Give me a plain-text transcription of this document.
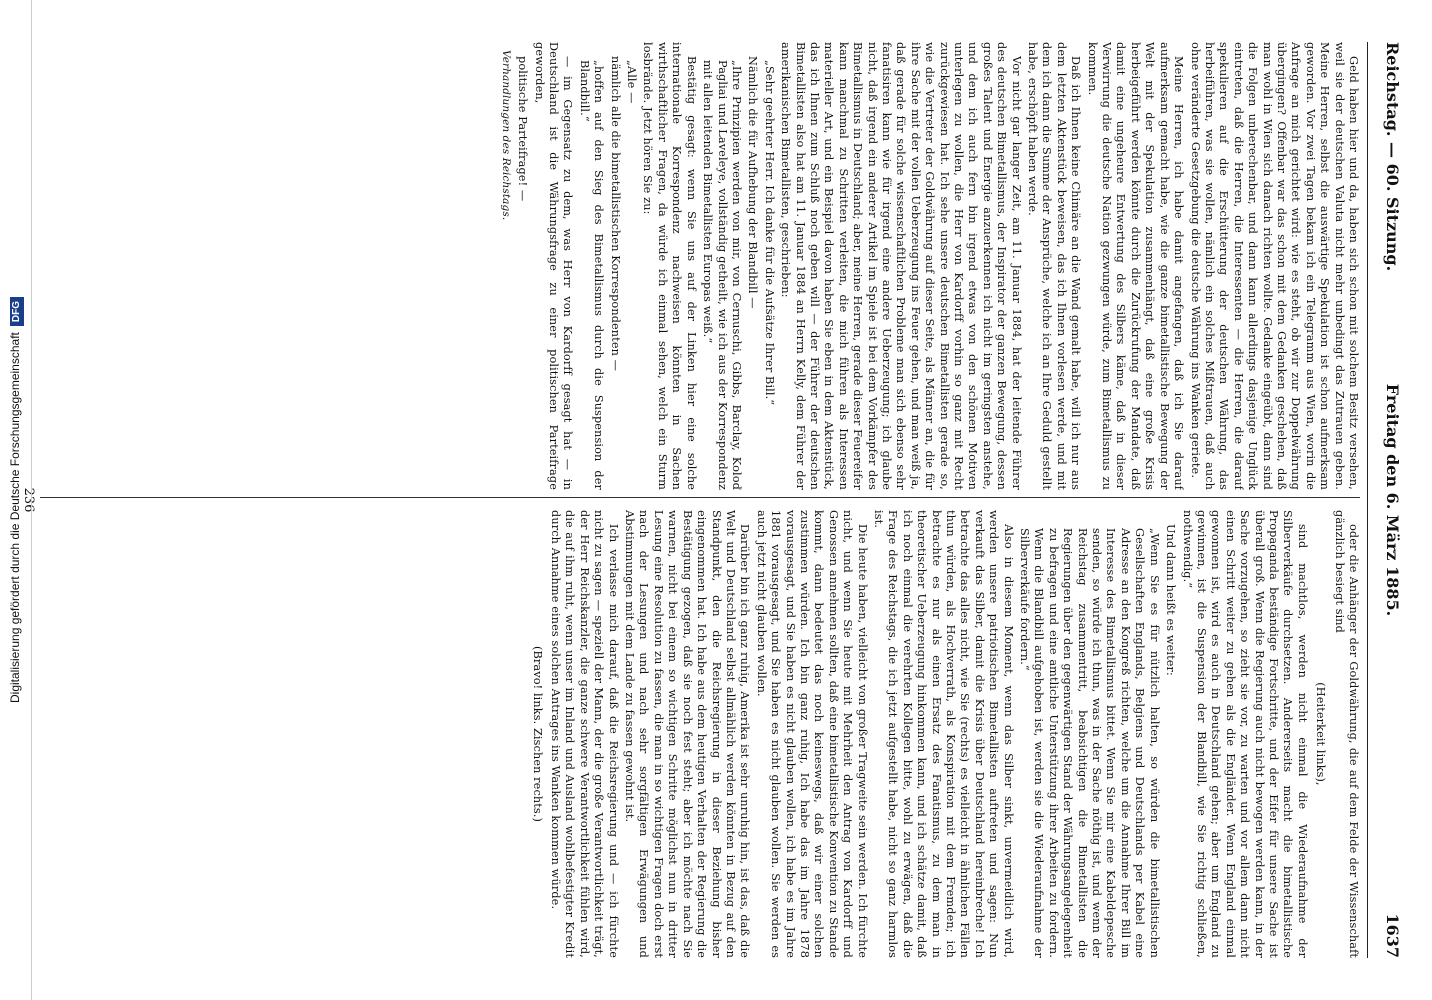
Reichstag. — 60. Sitzung.
Freitag den 6. März 1885.
1637

Geld haben hier und da, haben sich schon mit solchem Besitz versehen, weil sie der deutschen Valuta nicht mehr unbedingt das Zutrauen geben. Meine Herren, selbst die auswärtige Spekulation ist schon aufmerksam geworden. Vor zwei Tagen bekam ich ein Telegramm aus Wien, worin die Anfrage an mich gerichtet wird: wie es steht, ob wir zur Doppelwährung übergingen? Offenbar war das schon mit dem Gedanken geschehen, daß man wohl in Wien sich danach richten wollte. Gedanke eingeübt, dann sind die Folgen unberechenbar, und dann kann allerdings dasjenige Unglück eintreten, daß die Herren, die Interessenten — die Herren, die darauf spekulieren auf die Erschütterung der deutschen Währung, das herbeiführen, was sie wollen, nämlich ein solches Mißtrauen, daß auch ohne veränderte Gesetzgebung die deutsche Währung ins Wanken geriete.

Meine Herren, ich habe damit angefangen, daß ich Sie darauf aufmerksam gemacht habe, wie die ganze bimetallistische Bewegung der Welt mit der Spekulation zusammenhängt, daß eine große Krisis herbeigeführt werden könnte durch die Zurückrufung der Mandate, daß damit eine ungeheure Entwertung des Silbers käme, daß in dieser Verwirrung die deutsche Nation gezwungen würde, zum Bimetallismus zu kommen.

Daß ich Ihnen keine Chimäre an die Wand gemalt habe, will ich nur aus dem letzten Aktenstück beweisen, das ich Ihnen vorlesen werde, und mit dem ich dann die Summe der Ansprüche, welche ich an Ihre Geduld gestellt habe, erschöpft haben werde.

Vor nicht gar langer Zeit, am 11. Januar 1884, hat der leitende Führer des deutschen Bimetallismus, der Inspirator der ganzen Bewegung, dessen großes Talent und Energie anzuerkennen ich nicht im geringsten anstehe, und dem ich auch fern bin irgend etwas von den schönen Motiven unterlegen zu wollen, die Herr von Kardorff vorhin so ganz mit Recht zurückgewiesen hat. Ich sehe unsere deutschen Bimetallisten gerade so, wie die Vertreter der Goldwährung auf dieser Seite, als Männer an, die für ihre Sache mit der vollen Ueberzeugung ins Feuer gehen, und man weiß ja, daß gerade für solche wissenschaftlichen Probleme man sich ebenso sehr fanatisiren kann wie für irgend eine andere Ueberzeugung; ich glaube nicht, daß irgend ein anderer Artikel im Spiele ist bei dem Vorkämpfer des Bimetallismus in Deutschland; aber, meine Herren, gerade dieser Feuereifer kann manchmal zu Schritten verleiten, die mich führen als Interessen materieller Art, und ein Beispiel davon haben Sie eben in dem Aktenstück, das ich Ihnen zum Schluß noch geben will — der Führer der deutschen Bimetallisten also hat am 11. Januar 1884 an Herrn Kelly, dem Führer der amerikanischen Bimetallisten, geschrieben:

„Sehr geehrter Herr. Ich danke für die Aufsätze Ihrer Bill.“

Nämlich die für Aufhebung der Blandbill —

„Ihre Prinzipien werden von mir, von Cernuschi, Gibbs, Barclay, Koloď Pagliai und Laveleye, vollständig getheilt, wie ich aus der Korrespondenz mit allen leitenden Bimetallisten Europas weiß.“

Bestätig gesagt: wenn Sie uns auf der Linken hier eine solche internationale Korrespondenz nachweisen könnten in Sachen wirthschaftlicher Fragen, da würde ich einmal sehen, welch ein Sturm losbrände. Jetzt hören Sie zu:

„Alle —

nämlich alle die bimetallistischen Korrespondenten —

„hoffen auf den Sieg des Bimetallismus durch die Suspension der Blandbill.“

— im Gegensatz zu dem, was Herr von Kardorff gesagt hat — in Deutschland ist die Währungsfrage zu einer politischen Parteifrage geworden,

politische Parteifrage! —

Verhandlungen des Reichstags.

oder die Anhänger der Goldwährung, die auf dem Felde der Wissenschaft gänzlich besiegt sind

(Heiterkeit links),

sind machtlos, werden nicht einmal die Wiederaufnahme der Silberverkäufe durchsetzen. Andererseits macht die bimetallistische Propaganda beständige Fortschritte, und der Eifer für unsere Sache ist überall groß. Wenn die Regierung auch nicht bewogen werden kann, in der Sache vorzugehen, so zieht sie vor, zu warten und vor allem dann nicht einen Schritt weiter zu gehen als die Engländer. Wenn England einmal gewonnen ist, wird es auch in Deutschland gehen; aber um England zu gewinnen, ist die Suspension der Blandbill, wie Sie richtig schließen, nothwendig.“

Und dann heißt es weiter:

„Wenn Sie es für nützlich halten, so würden die bimetallistischen Gesellschaften Englands, Belgiens und Deutschlands per Kabel eine Adresse an den Kongreß richten, welche um die Annahme Ihrer Bill im Interesse des Bimetallismus bittet. Wenn Sie mir eine Kabeldepesche senden, so würde ich thun, was in der Sache nöthig ist, und wenn der Reichstag zusammentritt, beabsichtigen die Bimetallisten die Regierungen über den gegenwärtigen Stand der Währungsangelegenheit zu befragen und eine amtliche Unterstützung ihrer Arbeiten zu fordern. Wenn die Blandbill aufgehoben ist, werden sie die Wiederaufnahme der Silberverkäufe fordern.“

Also in diesem Moment, wenn das Silber sinkt, unvermeidlich wird, werden unsere patriotischen Bimetallisten auftreten und sagen: Nun verkauft das Silber, damit die Krisis über Deutschland hereinbreche! Ich betrachte das alles nicht, wie Sie (rechts) es vielleicht in ähnlichen Fällen thun würden, als Hochverrath, als Konspiration mit dem Fremden; ich betrachte es nur als einen Ersatz des Fanatismus, zu dem man in theoretischer Ueberzeugung hinkommen kann, und ich schätze damit, daß ich noch einmal die verehrten Kollegen bitte, wohl zu erwägen, daß die Frage des Reichstags, die ich jetzt aufgestellt habe, nicht so ganz harmlos ist.

Die heute haben, vielleicht von großer Tragweite sein werden. Ich fürchte nicht, und wenn Sie heute mit Mehrheit den Antrag von Kardorff und Genossen annehmen sollten, daß eine bimetallistische Konvention zu Stande kommt, dann bedeutet das noch keineswegs, daß wir einer solchen zustimmen würden. Ich bin ganz ruhig, Ich habe das im Jahre 1878 vorausgesagt, und Sie haben es nicht glauben wollen, ich habe es im Jahre 1881 vorausgesagt, und Sie haben es nicht glauben wollen. Sie werden es auch jetzt nicht glauben wollen.

Darüber bin ich ganz ruhig, Amerika ist sehr unruhig hin, ist das, daß die Welt und Deutschland selbst allmählich werden könnten in Bezug auf den Standpunkt, den die Reichsregierung in dieser Beziehung bisher eingenommen hat. Ich habe aus dem heutigen Verhalten der Regierung die Bestätigung gezogen, daß sie noch fest steht; aber ich möchte nach Sie warnen, nicht bei einem so wichtigen Schritte möglichst nun in dritter Lesung eine Resolution zu fassen, die man in so wichtigen Fragen doch erst nach der Lesungen und nach sehr sorgfältigen Erwägungen und Abstimmungen mit dem Lande zu fassen gewohnt ist.

Ich verlasse mich darauf, daß die Reichsregierung und — ich fürchte nicht zu sagen — speziell der Mann, der die große Verantwortlichkeit trägt, der Herr Reichskanzler, die ganze schwere Verantwortlichkeit fühlen wird, die auf ihm ruht, wenn unser im Inland und Ausland wohlbefestigter Kredit durch Annahme eines solchen Antrages ins Wanken kommen würde.

(Bravo! links. Zischen rechts.)

236
Digitalisierung gefördert durch die Deutsche ForschungsgemeinschaftDFG
